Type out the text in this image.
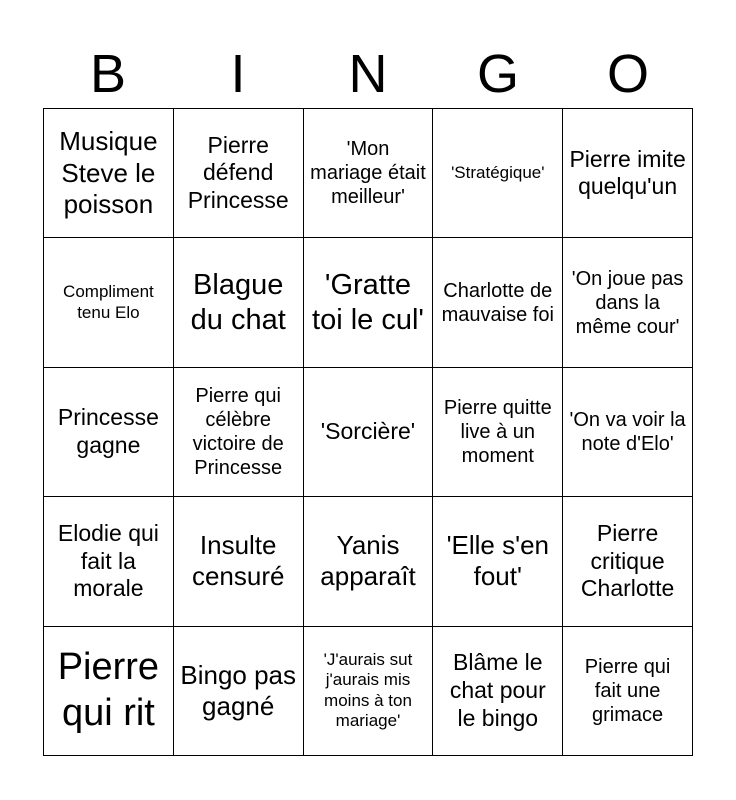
B	I	N	G	O
Musique Steve le poisson
Pierre défend Princesse
'Mon mariage était meilleur'
'Stratégique'
Pierre imite quelqu'un
Compliment tenu Elo
Blague du chat
'Gratte toi le cul'
Charlotte de mauvaise foi
'On joue pas dans la même cour'
Princesse gagne
Pierre qui célèbre victoire de Princesse
'Sorcière'
Pierre quitte live à un moment
'On va voir la note d'Elo'
Elodie qui fait la morale
Insulte censuré
Yanis apparaît
'Elle s'en fout'
Pierre critique Charlotte
Pierre qui rit
Bingo pas gagné
'J'aurais sut j'aurais mis moins à ton mariage'
Blâme le chat pour le bingo
Pierre qui fait une grimace
